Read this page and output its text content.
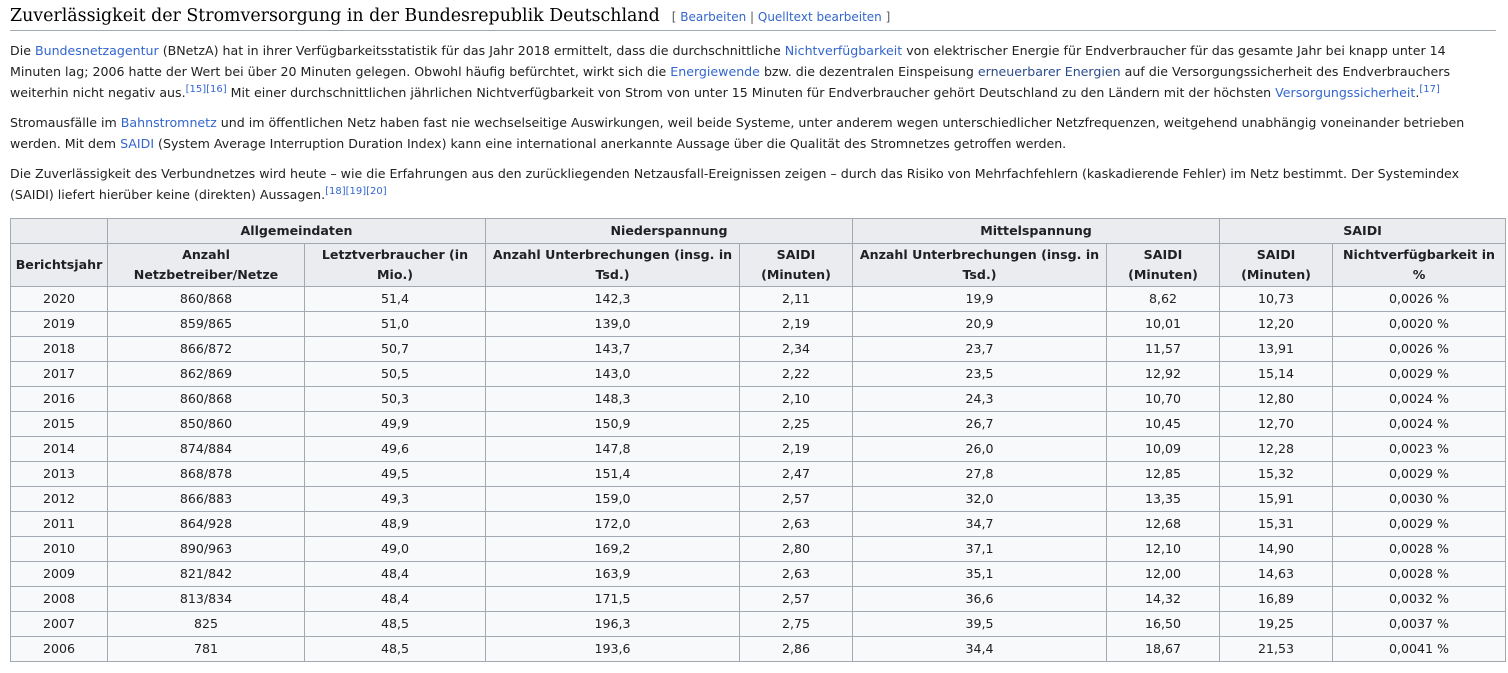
Zuverlässigkeit der Stromversorgung in der Bundesrepublik Deutschland [ Bearbeiten | Quelltext bearbeiten ]

Die Bundesnetzagentur (BNetzA) hat in ihrer Verfügbarkeitsstatistik für das Jahr 2018 ermittelt, dass die durchschnittliche Nichtverfügbarkeit von elektrischer Energie für Endverbraucher für das gesamte Jahr bei knapp unter 14 Minuten lag; 2006 hatte der Wert bei über 20 Minuten gelegen. Obwohl häufig befürchtet, wirkt sich die Energiewende bzw. die dezentralen Einspeisung erneuerbarer Energien auf die Versorgungssicherheit des Endverbrauchers weiterhin nicht negativ aus.[15][16] Mit einer durchschnittlichen jährlichen Nichtverfügbarkeit von Strom von unter 15 Minuten für Endverbraucher gehört Deutschland zu den Ländern mit der höchsten Versorgungssicherheit.[17]

Stromausfälle im Bahnstromnetz und im öffentlichen Netz haben fast nie wechselseitige Auswirkungen, weil beide Systeme, unter anderem wegen unterschiedlicher Netzfrequenzen, weitgehend unabhängig voneinander betrieben werden. Mit dem SAIDI (System Average Interruption Duration Index) kann eine international anerkannte Aussage über die Qualität des Stromnetzes getroffen werden.

Die Zuverlässigkeit des Verbundnetzes wird heute – wie die Erfahrungen aus den zurückliegenden Netzausfall-Ereignissen zeigen – durch das Risiko von Mehrfachfehlern (kaskadierende Fehler) im Netz bestimmt. Der Systemindex (SAIDI) liefert hierüber keine (direkten) Aussagen.[18][19][20]

	Allgemeindaten		Niederspannung		Mittelspannung		SAIDI	
Berichtsjahr	Anzahl Netzbetreiber/Netze	Letztverbraucher (in Mio.)	Anzahl Unterbrechungen (insg. in Tsd.)	SAIDI (Minuten)	Anzahl Unterbrechungen (insg. in Tsd.)	SAIDI (Minuten)	SAIDI (Minuten)	Nichtverfügbarkeit in %
2020	860/868	51,4	142,3	2,11	19,9	8,62	10,73	0,0026 %
2019	859/865	51,0	139,0	2,19	20,9	10,01	12,20	0,0020 %
2018	866/872	50,7	143,7	2,34	23,7	11,57	13,91	0,0026 %
2017	862/869	50,5	143,0	2,22	23,5	12,92	15,14	0,0029 %
2016	860/868	50,3	148,3	2,10	24,3	10,70	12,80	0,0024 %
2015	850/860	49,9	150,9	2,25	26,7	10,45	12,70	0,0024 %
2014	874/884	49,6	147,8	2,19	26,0	10,09	12,28	0,0023 %
2013	868/878	49,5	151,4	2,47	27,8	12,85	15,32	0,0029 %
2012	866/883	49,3	159,0	2,57	32,0	13,35	15,91	0,0030 %
2011	864/928	48,9	172,0	2,63	34,7	12,68	15,31	0,0029 %
2010	890/963	49,0	169,2	2,80	37,1	12,10	14,90	0,0028 %
2009	821/842	48,4	163,9	2,63	35,1	12,00	14,63	0,0028 %
2008	813/834	48,4	171,5	2,57	36,6	14,32	16,89	0,0032 %
2007	825	48,5	196,3	2,75	39,5	16,50	19,25	0,0037 %
2006	781	48,5	193,6	2,86	34,4	18,67	21,53	0,0041 %
